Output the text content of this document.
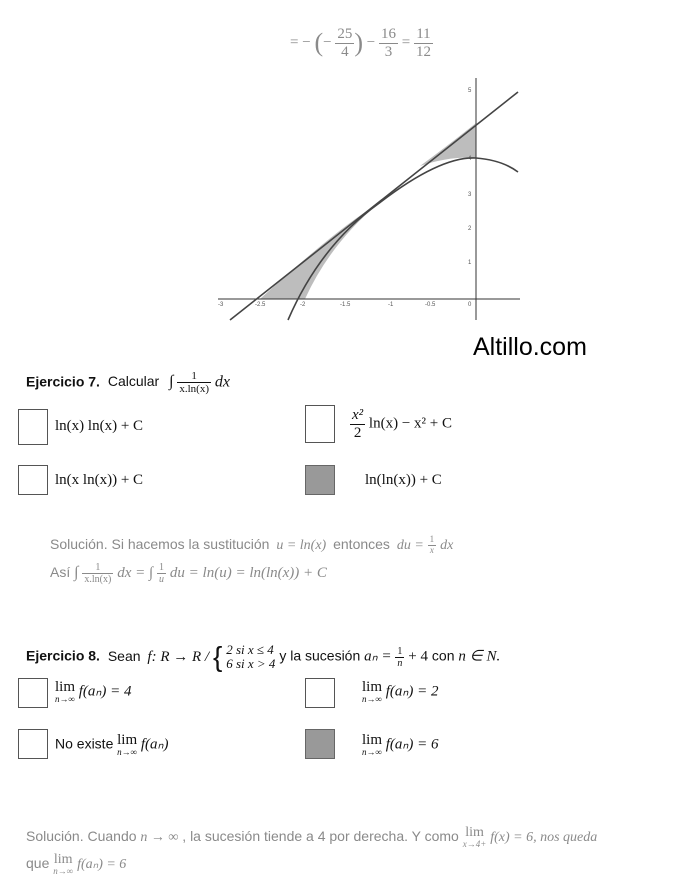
= − (− $\frac{25}{4}$ ) − $\frac{16}{3} = \frac{11}{12}$
-3	-2.5	-2	-1.5	-1	-0.5	0
1
2
3
4
5
Altillo.com
Ejercicio 7. Calcular ∫ $\frac{1}{x.\ln(x)}$ dx
ln(x) ln(x) + C	$\frac{\text{x²}}{2} \ln(x) - x^2 + C$
ln(x ln(x)) + C	ln(ln(x)) + C
Solución. Si hacemos la sustitución u = ln(x) entonces du = $\frac{1}{x}$ dx
Así ∫ $\frac{1}{x.\ln(x)}$ dx = ∫ $\frac{1}{u}$ du = ln(u) = ln(ln(x)) + C
Ejercicio 8. Sean f: R → R / { 2 si x ≤ 4
6 si x > 4 y la sucesión $a_n = \frac{1}{n} + 4$ con n ∈ N.
lim
n→∞ f(aₙ) = 4	lim
n→∞ f(aₙ) = 2
No existe lim
n→∞ f(aₙ)	lim
n→∞ f(aₙ) = 6
Solución. Cuando n → ∞ , la sucesión tiende a 4 por derecha. Y como lim
x→4+ f(x) = 6, nos queda
que lim
n→∞ f(aₙ) = 6
